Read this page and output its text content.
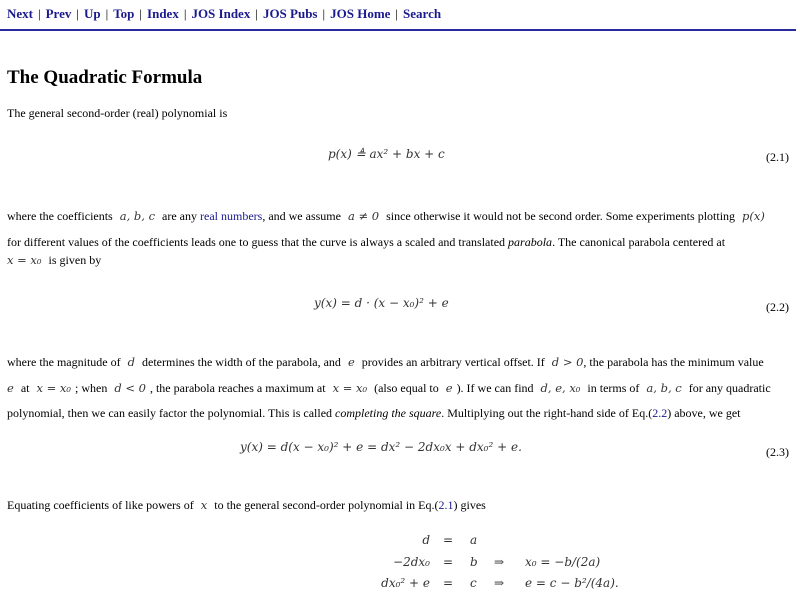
Next | Prev | Up | Top | Index | JOS Index | JOS Pubs | JOS Home | Search
The Quadratic Formula
The general second-order (real) polynomial is
p(x) ≜ ax² + bx + c	(2.1)
where the coefficients a, b, c are any real numbers, and we assume a ≠ 0 since otherwise it would not be second order. Some experiments plotting p(x)
for different values of the coefficients leads one to guess that the curve is always a scaled and translated parabola. The canonical parabola centered at
x = x₀ is given by
y(x) = d · (x − x₀)² + e	(2.2)
where the magnitude of d determines the width of the parabola, and e provides an arbitrary vertical offset. If d > 0, the parabola has the minimum value
e at x = x₀ ; when d < 0 , the parabola reaches a maximum at x = x₀ (also equal to e ). If we can find d, e, x₀ in terms of a, b, c for any quadratic
polynomial, then we can easily factor the polynomial. This is called completing the square. Multiplying out the right-hand side of Eq.(2.2) above, we get
y(x) = d(x − x₀)² + e = dx² − 2dx₀x + dx₀² + e.	(2.3)
Equating coefficients of like powers of x to the general second-order polynomial in Eq.(2.1) gives
d = a
−2dx₀ = b ⇒ x₀ = −b/(2a)
dx₀² + e = c ⇒ e = c − b²/(4a).
